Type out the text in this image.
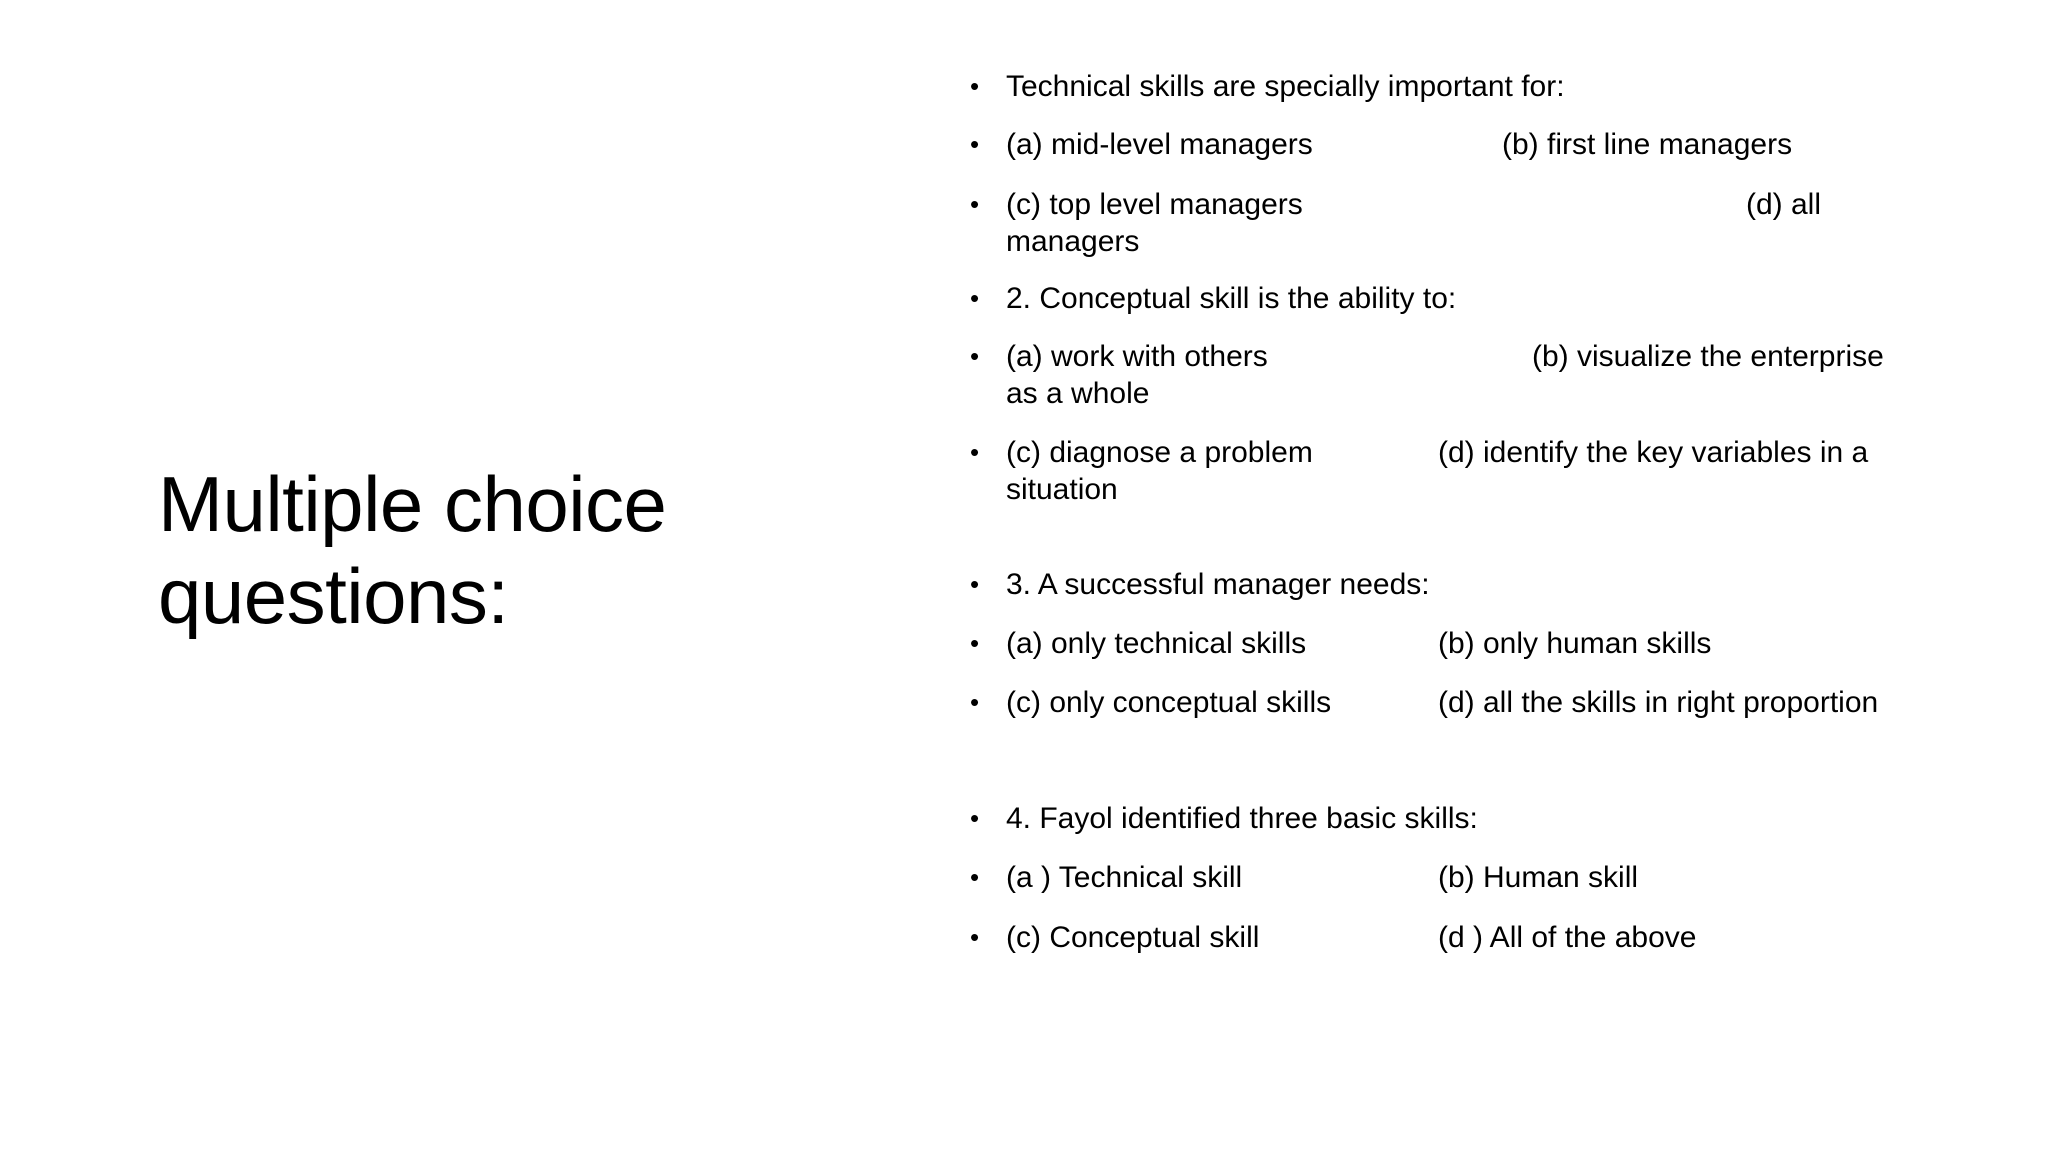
Multiple choice
questions:
• Technical skills are specially important for:
• (a) mid-level managers	(b) first line managers
• (c) top level managers	(d) all
managers
• 2. Conceptual skill is the ability to:
• (a) work with others	(b) visualize the enterprise
as a whole
• (c) diagnose a problem	(d) identify the key variables in a
situation
• 3. A successful manager needs:
• (a) only technical skills	(b) only human skills
• (c) only conceptual skills	(d) all the skills in right proportion
• 4. Fayol identified three basic skills:
• (a ) Technical skill	(b) Human skill
• (c) Conceptual skill	(d ) All of the above
